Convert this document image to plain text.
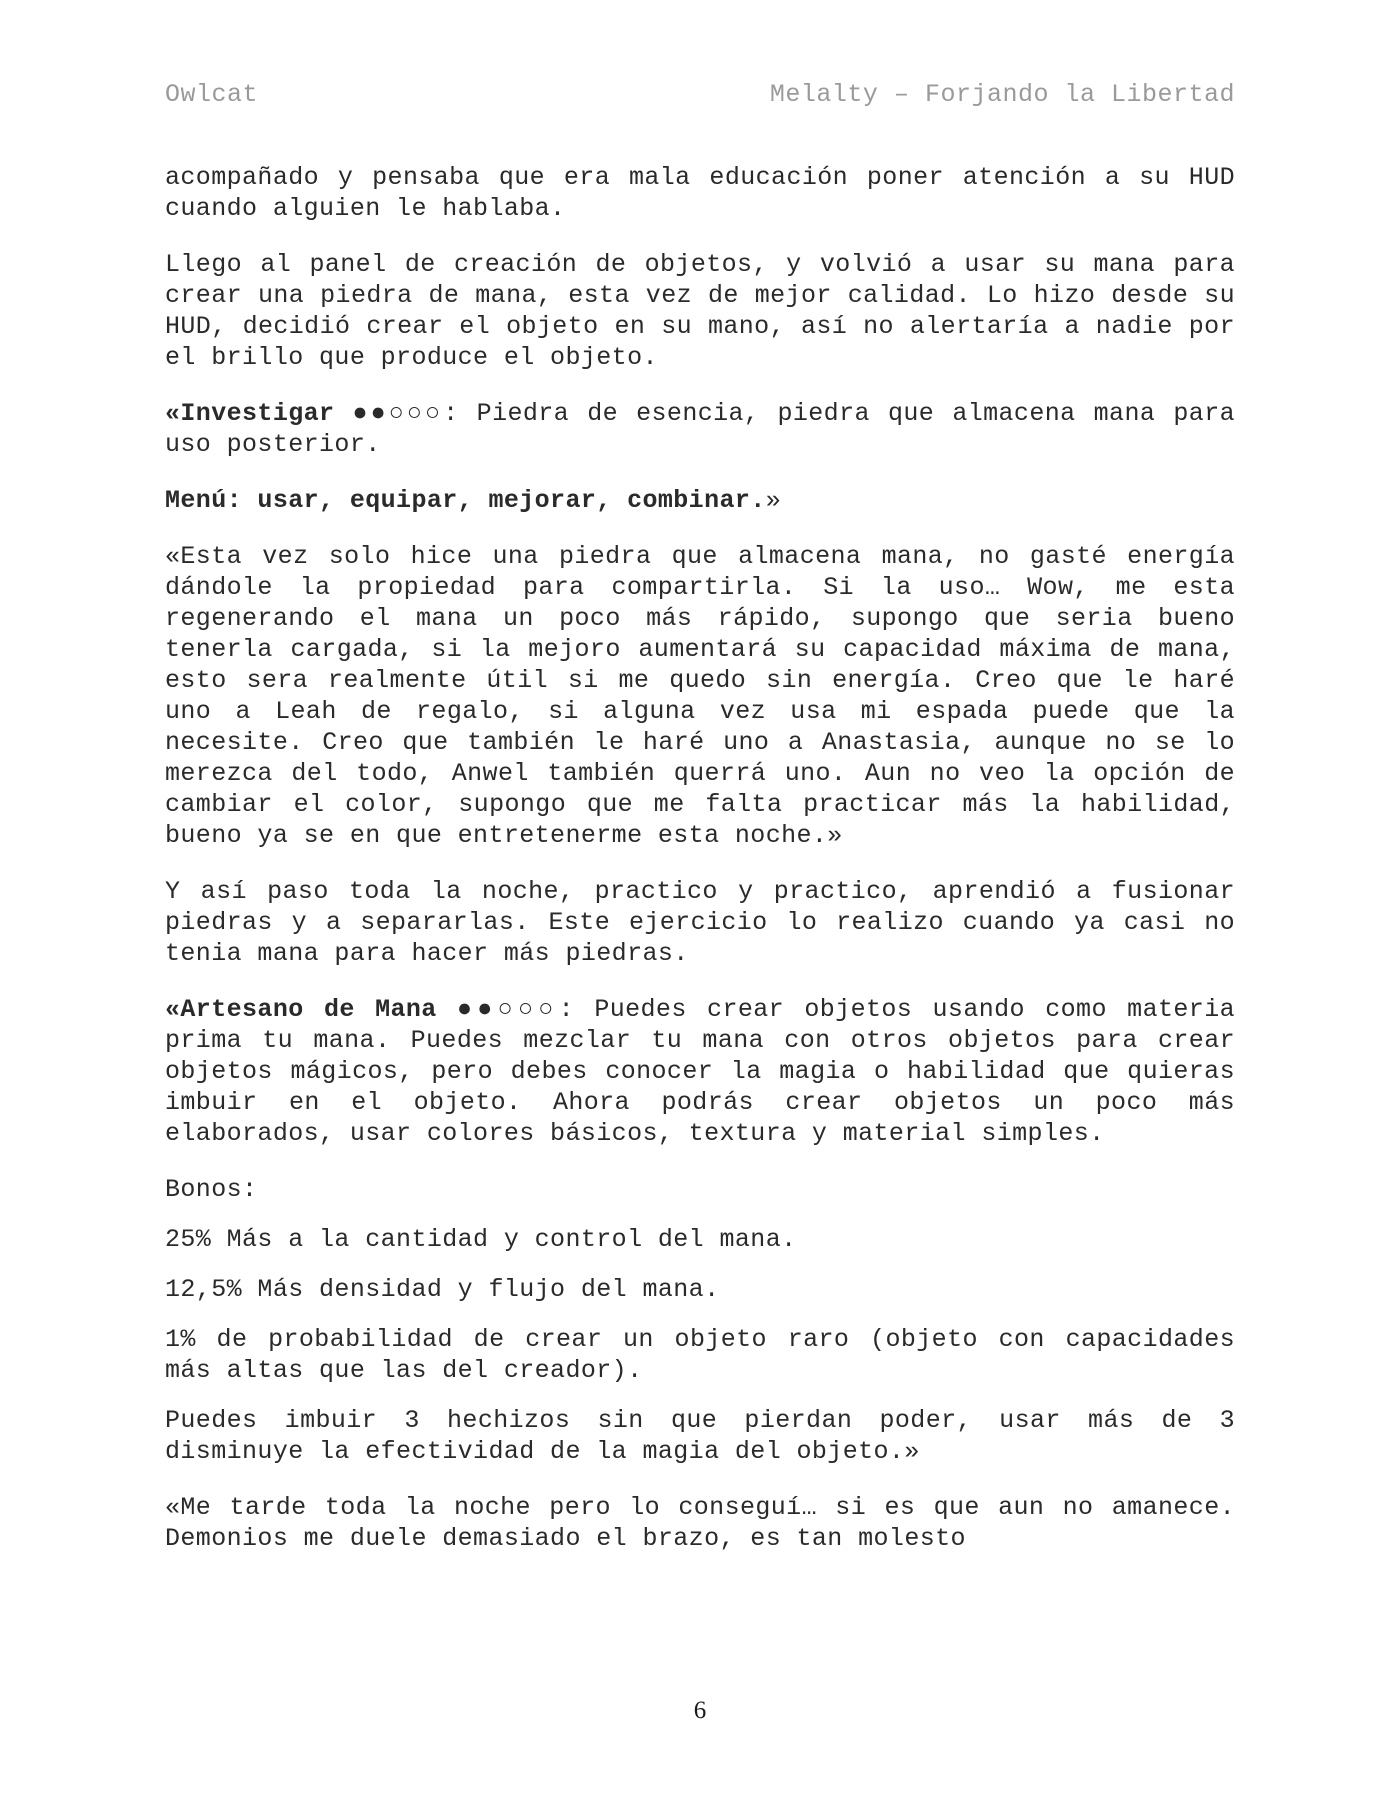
Owlcat	Melalty – Forjando la Libertad

acompañado y pensaba que era mala educación poner atención a su HUD cuando alguien le hablaba.

Llego al panel de creación de objetos, y volvió a usar su mana para crear una piedra de mana, esta vez de mejor calidad. Lo hizo desde su HUD, decidió crear el objeto en su mano, así no alertaría a nadie por el brillo que produce el objeto.

«Investigar ●●○○○: Piedra de esencia, piedra que almacena mana para uso posterior.

Menú: usar, equipar, mejorar, combinar.»

«Esta vez solo hice una piedra que almacena mana, no gasté energía dándole la propiedad para compartirla. Si la uso… Wow, me esta regenerando el mana un poco más rápido, supongo que seria bueno tenerla cargada, si la mejoro aumentará su capacidad máxima de mana, esto sera realmente útil si me quedo sin energía. Creo que le haré uno a Leah de regalo, si alguna vez usa mi espada puede que la necesite. Creo que también le haré uno a Anastasia, aunque no se lo merezca del todo, Anwel también querrá uno. Aun no veo la opción de cambiar el color, supongo que me falta practicar más la habilidad, bueno ya se en que entretenerme esta noche.»

Y así paso toda la noche, practico y practico, aprendió a fusionar piedras y a separarlas. Este ejercicio lo realizo cuando ya casi no tenia mana para hacer más piedras.

«Artesano de Mana ●●○○○: Puedes crear objetos usando como materia prima tu mana. Puedes mezclar tu mana con otros objetos para crear objetos mágicos, pero debes conocer la magia o habilidad que quieras imbuir en el objeto. Ahora podrás crear objetos un poco más elaborados, usar colores básicos, textura y material simples.

Bonos:

25% Más a la cantidad y control del mana.

12,5% Más densidad y flujo del mana.

1% de probabilidad de crear un objeto raro (objeto con capacidades más altas que las del creador).

Puedes imbuir 3 hechizos sin que pierdan poder, usar más de 3 disminuye la efectividad de la magia del objeto.»

«Me tarde toda la noche pero lo conseguí… si es que aun no amanece. Demonios me duele demasiado el brazo, es tan molesto

6
